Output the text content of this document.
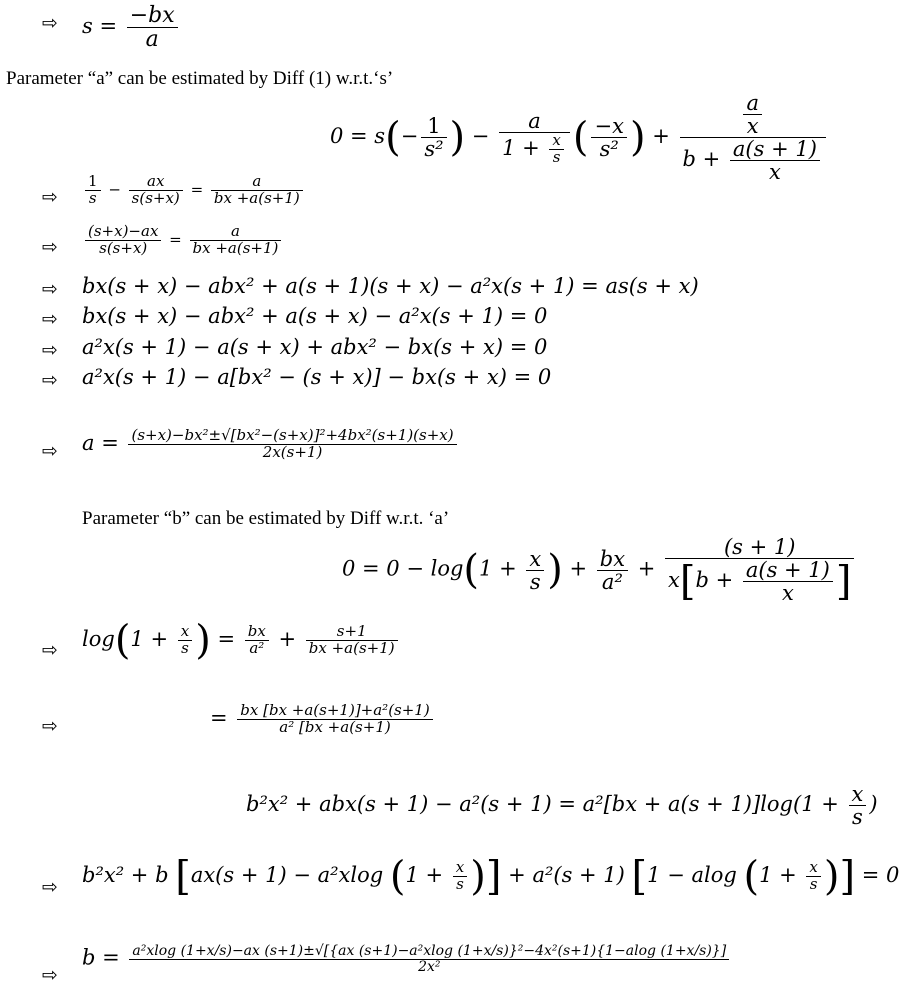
⇨ $s = \frac{-bx}{a}$
Parameter “a” can be estimated by Diff (1) w.r.t.‘s’
$0 = s(- \frac{1}{\text{s²}}$ ) − $\frac{a}{1 + \frac{x}{s}}$ ( $\frac{-x}{\text{s²}}$ ) + $\frac{\frac{a}{x}}{b + \frac{a(s + 1)}{x}}$
⇨ $\frac{1}{s} - \frac{ax}{s(s+x)} = \frac{a}{bx +a(s+1)}$
⇨ $\frac{(s+x)-ax}{s(s+x)} = \frac{a}{bx +a(s+1)}$
⇨ bx(s + x) − abx² + a(s + 1)(s + x) − a²x(s + 1) = as(s + x)
⇨ bx(s + x) − abx² + a(s + x) − a²x(s + 1) = 0
⇨ a²x(s + 1) − a(s + x) + abx² − bx(s + x) = 0
⇨ a²x(s + 1) − a[bx² − (s + x)] − bx(s + x) = 0
⇨ $a = \frac{\text{(s+x)−bx²±√[bx²−(s+x)]²+4bx²(s+1)(s+x)}}{2x(s+1)}$
Parameter “b” can be estimated by Diff w.r.t. ‘a’
$0 = 0 - \log(1 + \frac{x}{s}$ ) + $\frac{bx}{\text{a²}} + \frac{(s + 1)}{x[b + \frac{a(s + 1)}{x} ]}$
⇨ $\log(1 + \frac{x}{s}$ ) = $\frac{bx}{\text{a²}} + \frac{s+1}{bx +a(s+1)}$
⇨	= $\frac{\text{bx [bx +a(s+1)]+a²(s+1)}}{\text{a² [bx +a(s+1)}}$
b²x² + abx(s + 1) − a²(s + 1) = a²[bx + a(s + 1)]log⁡(1 + $\frac{x}{s}$ )
⇨
b²x² + b [ax(s + 1) − a²xlog ($1 + \frac{x}{s}$ )] + a²(s + 1) [1 − alog ($1 + \frac{x}{s}$ )] = 0
⇨
b = a²xlog (1+x/s)−ax (s+1)±√[{ax (s+1)−a²xlog (1+x/s)}²−4x²(s+1){1−alog (1+x/s)}]
2x²
